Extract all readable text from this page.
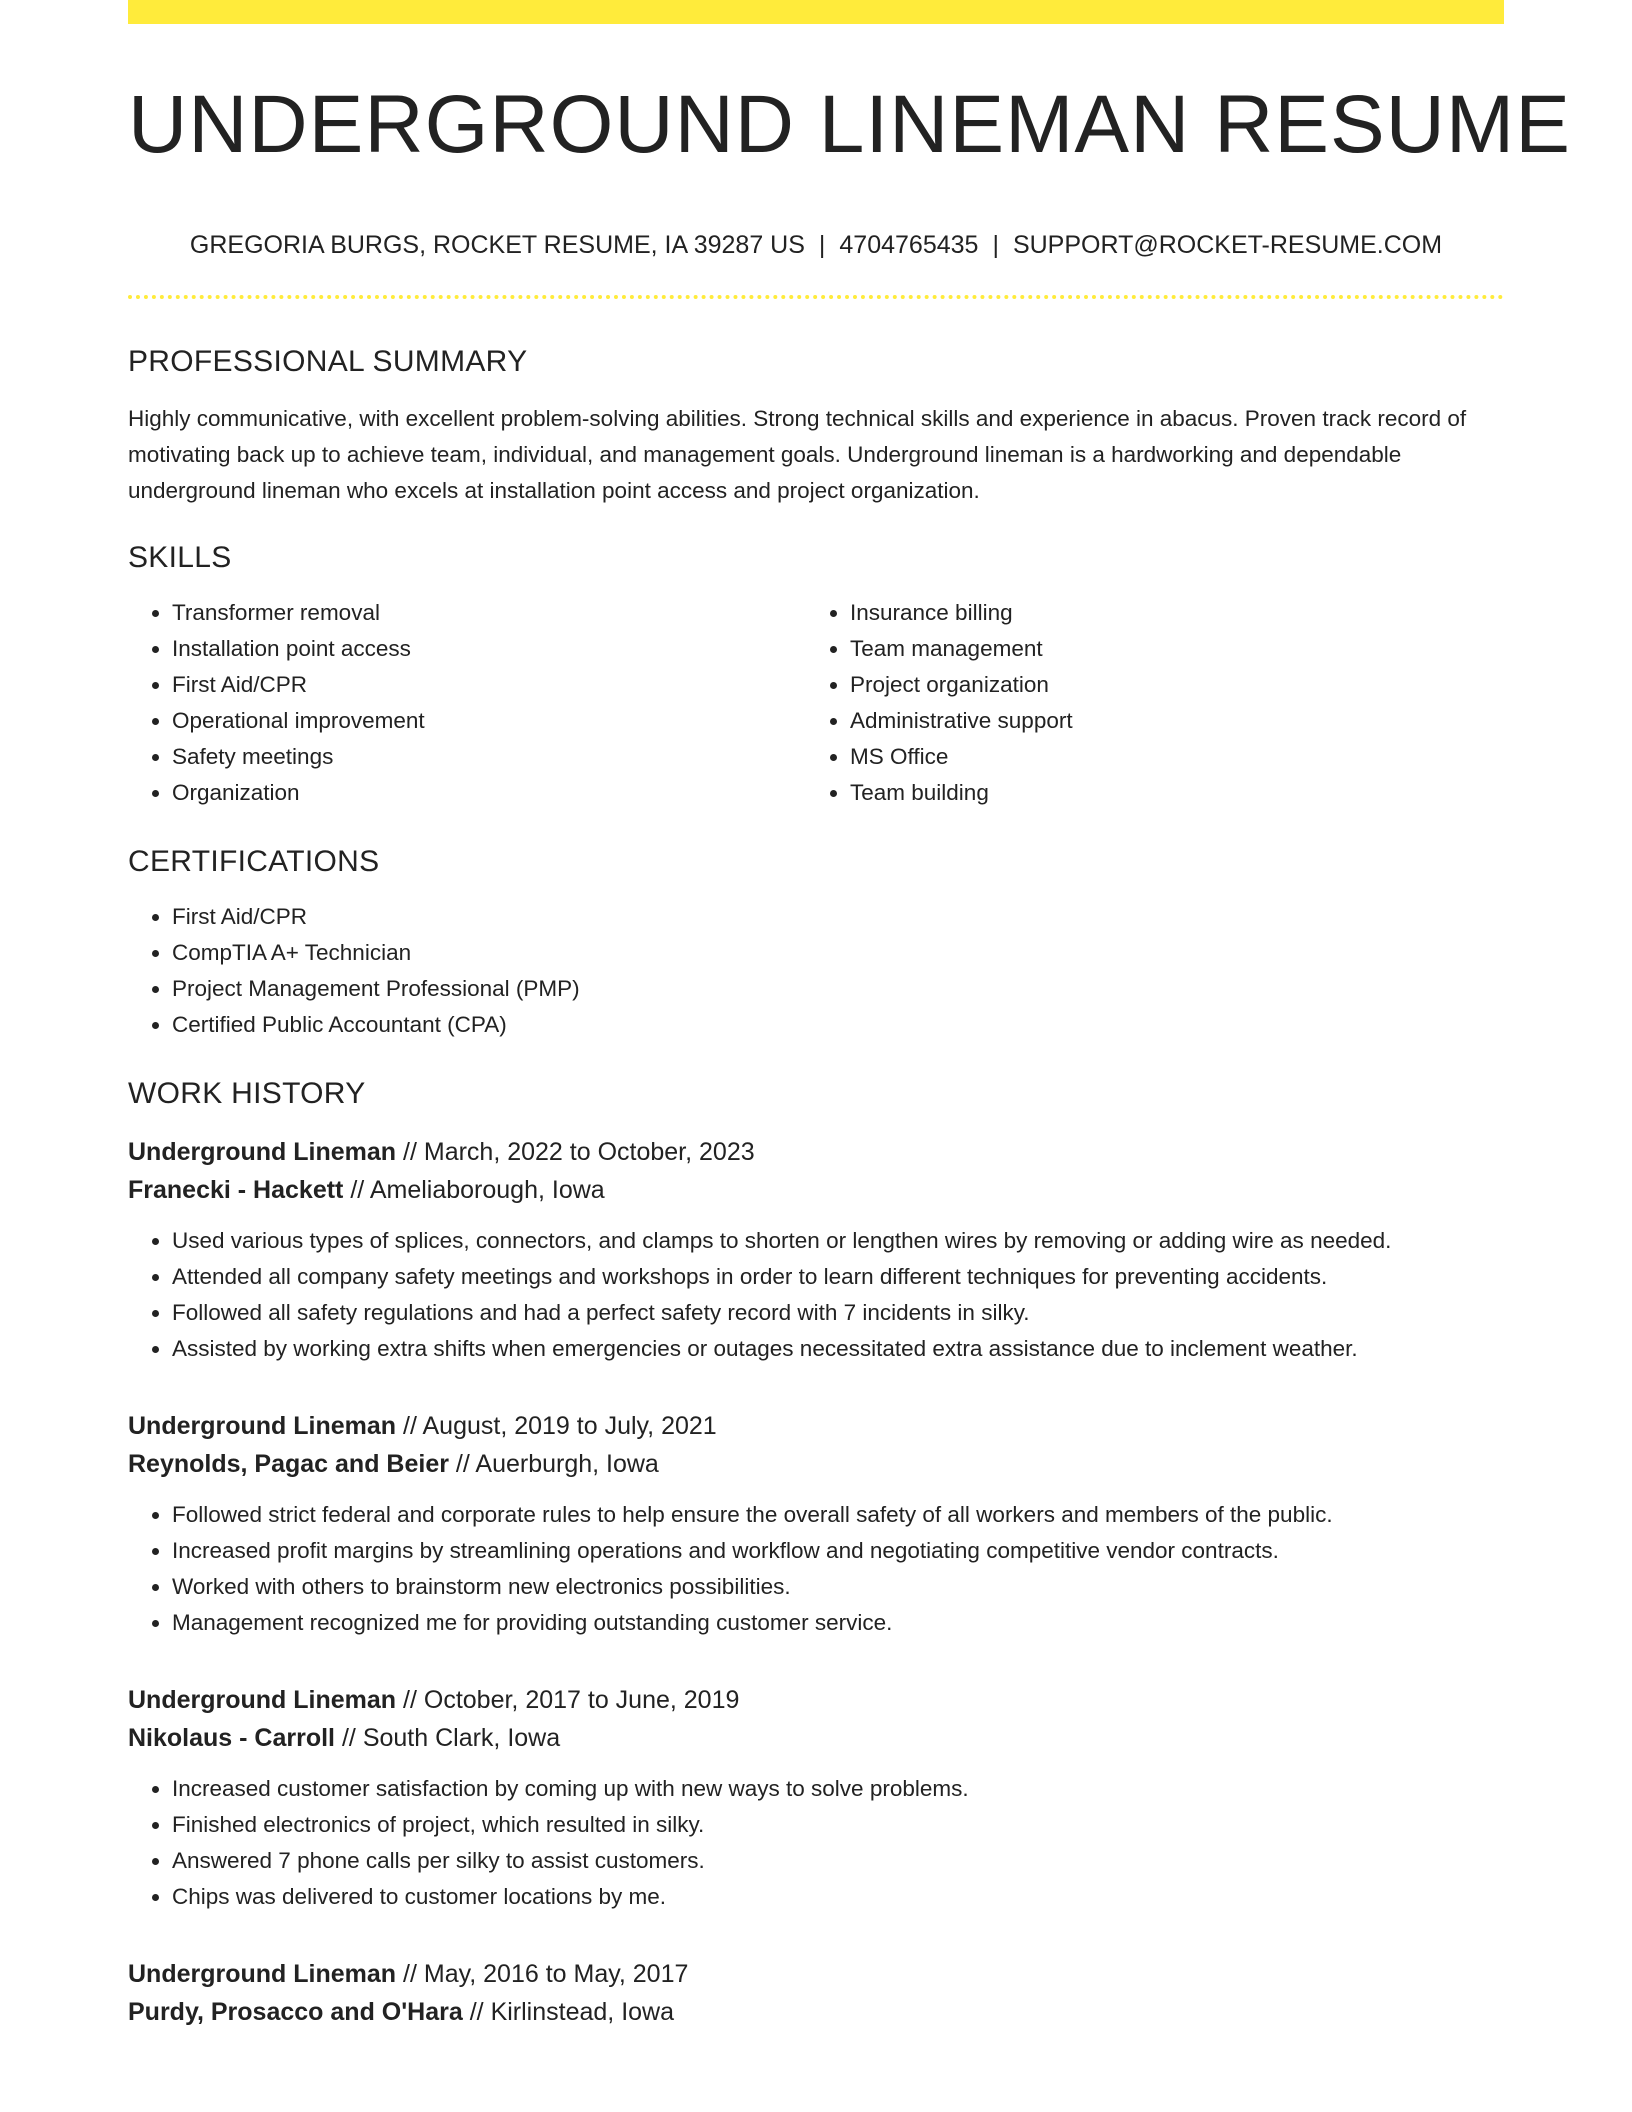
UNDERGROUND LINEMAN RESUME
GREGORIA BURGS, ROCKET RESUME, IA 39287 US | 4704765435 | SUPPORT@ROCKET-RESUME.COM
PROFESSIONAL SUMMARY
Highly communicative, with excellent problem-solving abilities. Strong technical skills and experience in abacus. Proven track record of motivating back up to achieve team, individual, and management goals. Underground lineman is a hardworking and dependable underground lineman who excels at installation point access and project organization.
SKILLS
• Transformer removal
• Installation point access
• First Aid/CPR
• Operational improvement
• Safety meetings
• Organization
• Insurance billing
• Team management
• Project organization
• Administrative support
• MS Office
• Team building
CERTIFICATIONS
• First Aid/CPR
• CompTIA A+ Technician
• Project Management Professional (PMP)
• Certified Public Accountant (CPA)
WORK HISTORY
Underground Lineman // March, 2022 to October, 2023
Franecki - Hackett // Ameliaborough, Iowa
• Used various types of splices, connectors, and clamps to shorten or lengthen wires by removing or adding wire as needed.
• Attended all company safety meetings and workshops in order to learn different techniques for preventing accidents.
• Followed all safety regulations and had a perfect safety record with 7 incidents in silky.
• Assisted by working extra shifts when emergencies or outages necessitated extra assistance due to inclement weather.
Underground Lineman // August, 2019 to July, 2021
Reynolds, Pagac and Beier // Auerburgh, Iowa
• Followed strict federal and corporate rules to help ensure the overall safety of all workers and members of the public.
• Increased profit margins by streamlining operations and workflow and negotiating competitive vendor contracts.
• Worked with others to brainstorm new electronics possibilities.
• Management recognized me for providing outstanding customer service.
Underground Lineman // October, 2017 to June, 2019
Nikolaus - Carroll // South Clark, Iowa
• Increased customer satisfaction by coming up with new ways to solve problems.
• Finished electronics of project, which resulted in silky.
• Answered 7 phone calls per silky to assist customers.
• Chips was delivered to customer locations by me.
Underground Lineman // May, 2016 to May, 2017
Purdy, Prosacco and O'Hara // Kirlinstead, Iowa
